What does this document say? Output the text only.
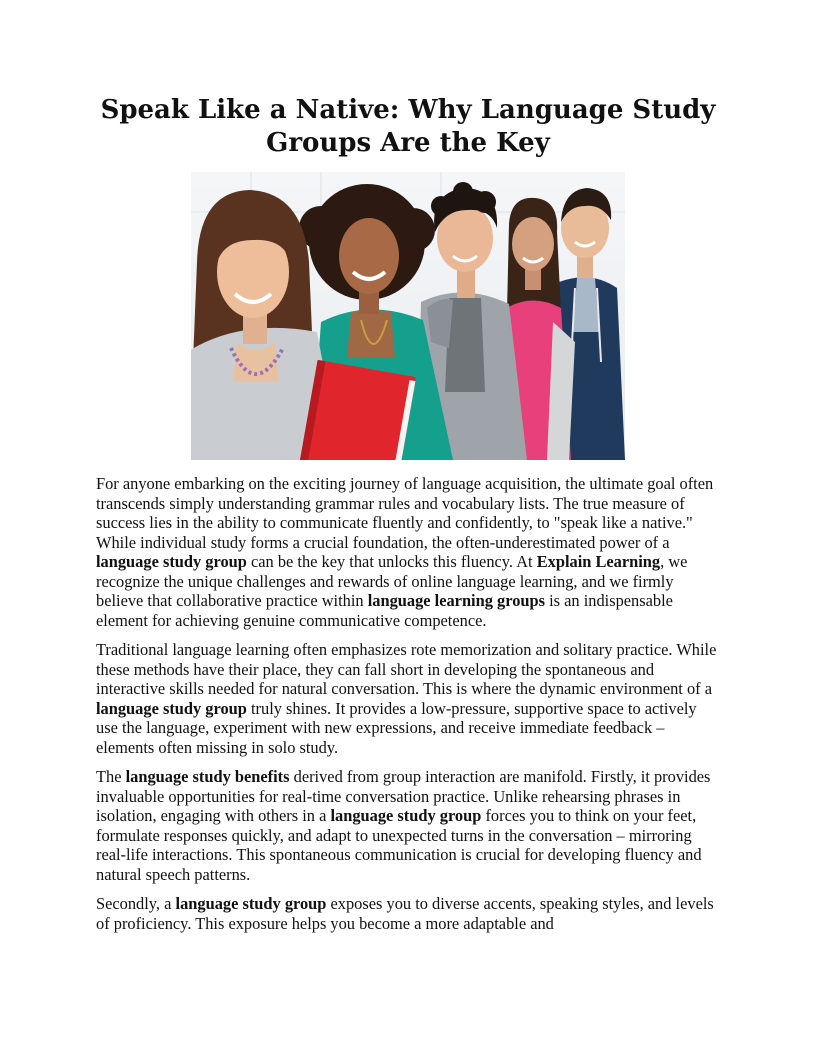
Speak Like a Native: Why Language Study Groups Are the Key

For anyone embarking on the exciting journey of language acquisition, the ultimate goal often transcends simply understanding grammar rules and vocabulary lists. The true measure of success lies in the ability to communicate fluently and confidently, to "speak like a native." While individual study forms a crucial foundation, the often-underestimated power of a language study group can be the key that unlocks this fluency. At Explain Learning, we recognize the unique challenges and rewards of online language learning, and we firmly believe that collaborative practice within language learning groups is an indispensable element for achieving genuine communicative competence.

Traditional language learning often emphasizes rote memorization and solitary practice. While these methods have their place, they can fall short in developing the spontaneous and interactive skills needed for natural conversation. This is where the dynamic environment of a language study group truly shines. It provides a low-pressure, supportive space to actively use the language, experiment with new expressions, and receive immediate feedback – elements often missing in solo study.

The language study benefits derived from group interaction are manifold. Firstly, it provides invaluable opportunities for real-time conversation practice. Unlike rehearsing phrases in isolation, engaging with others in a language study group forces you to think on your feet, formulate responses quickly, and adapt to unexpected turns in the conversation – mirroring real-life interactions. This spontaneous communication is crucial for developing fluency and natural speech patterns.

Secondly, a language study group exposes you to diverse accents, speaking styles, and levels of proficiency. This exposure helps you become a more adaptable and
